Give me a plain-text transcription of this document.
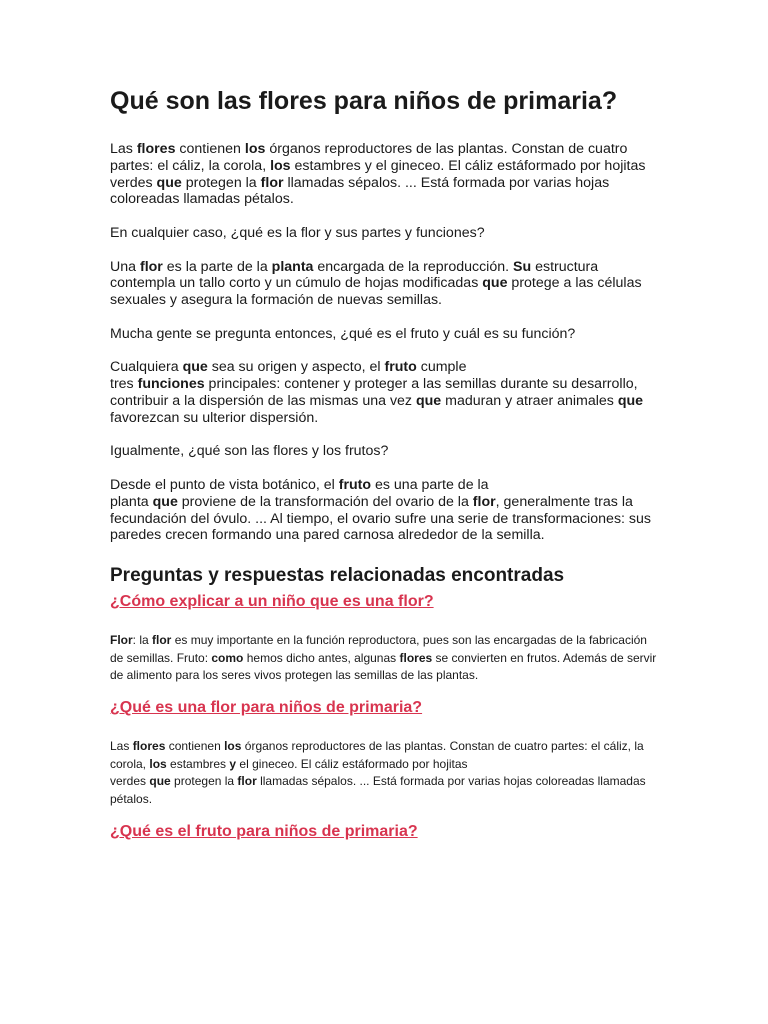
Qué son las flores para niños de primaria?

Las flores contienen los órganos reproductores de las plantas. Constan de cuatro partes: el cáliz, la corola, los estambres y el gineceo. El cáliz estáformado por hojitas verdes que protegen la flor llamadas sépalos. ... Está formada por varias hojas coloreadas llamadas pétalos.

En cualquier caso, ¿qué es la flor y sus partes y funciones?

Una flor es la parte de la planta encargada de la reproducción. Su estructura contempla un tallo corto y un cúmulo de hojas modificadas que protege a las células sexuales y asegura la formación de nuevas semillas.

Mucha gente se pregunta entonces, ¿qué es el fruto y cuál es su función?

Cualquiera que sea su origen y aspecto, el fruto cumple
tres funciones principales: contener y proteger a las semillas durante su desarrollo, contribuir a la dispersión de las mismas una vez que maduran y atraer animales que favorezcan su ulterior dispersión.

Igualmente, ¿qué son las flores y los frutos?

Desde el punto de vista botánico, el fruto es una parte de la
planta que proviene de la transformación del ovario de la flor, generalmente tras la fecundación del óvulo. ... Al tiempo, el ovario sufre una serie de transformaciones: sus paredes crecen formando una pared carnosa alrededor de la semilla.

Preguntas y respuestas relacionadas encontradas
¿Cómo explicar a un niño que es una flor?

Flor: la flor es muy importante en la función reproductora, pues son las encargadas de la fabricación de semillas. Fruto: como hemos dicho antes, algunas flores se convierten en frutos. Además de servir de alimento para los seres vivos protegen las semillas de las plantas.

¿Qué es una flor para niños de primaria?

Las flores contienen los órganos reproductores de las plantas. Constan de cuatro partes: el cáliz, la corola, los estambres y el gineceo. El cáliz estáformado por hojitas
verdes que protegen la flor llamadas sépalos. ... Está formada por varias hojas coloreadas llamadas pétalos.

¿Qué es el fruto para niños de primaria?
